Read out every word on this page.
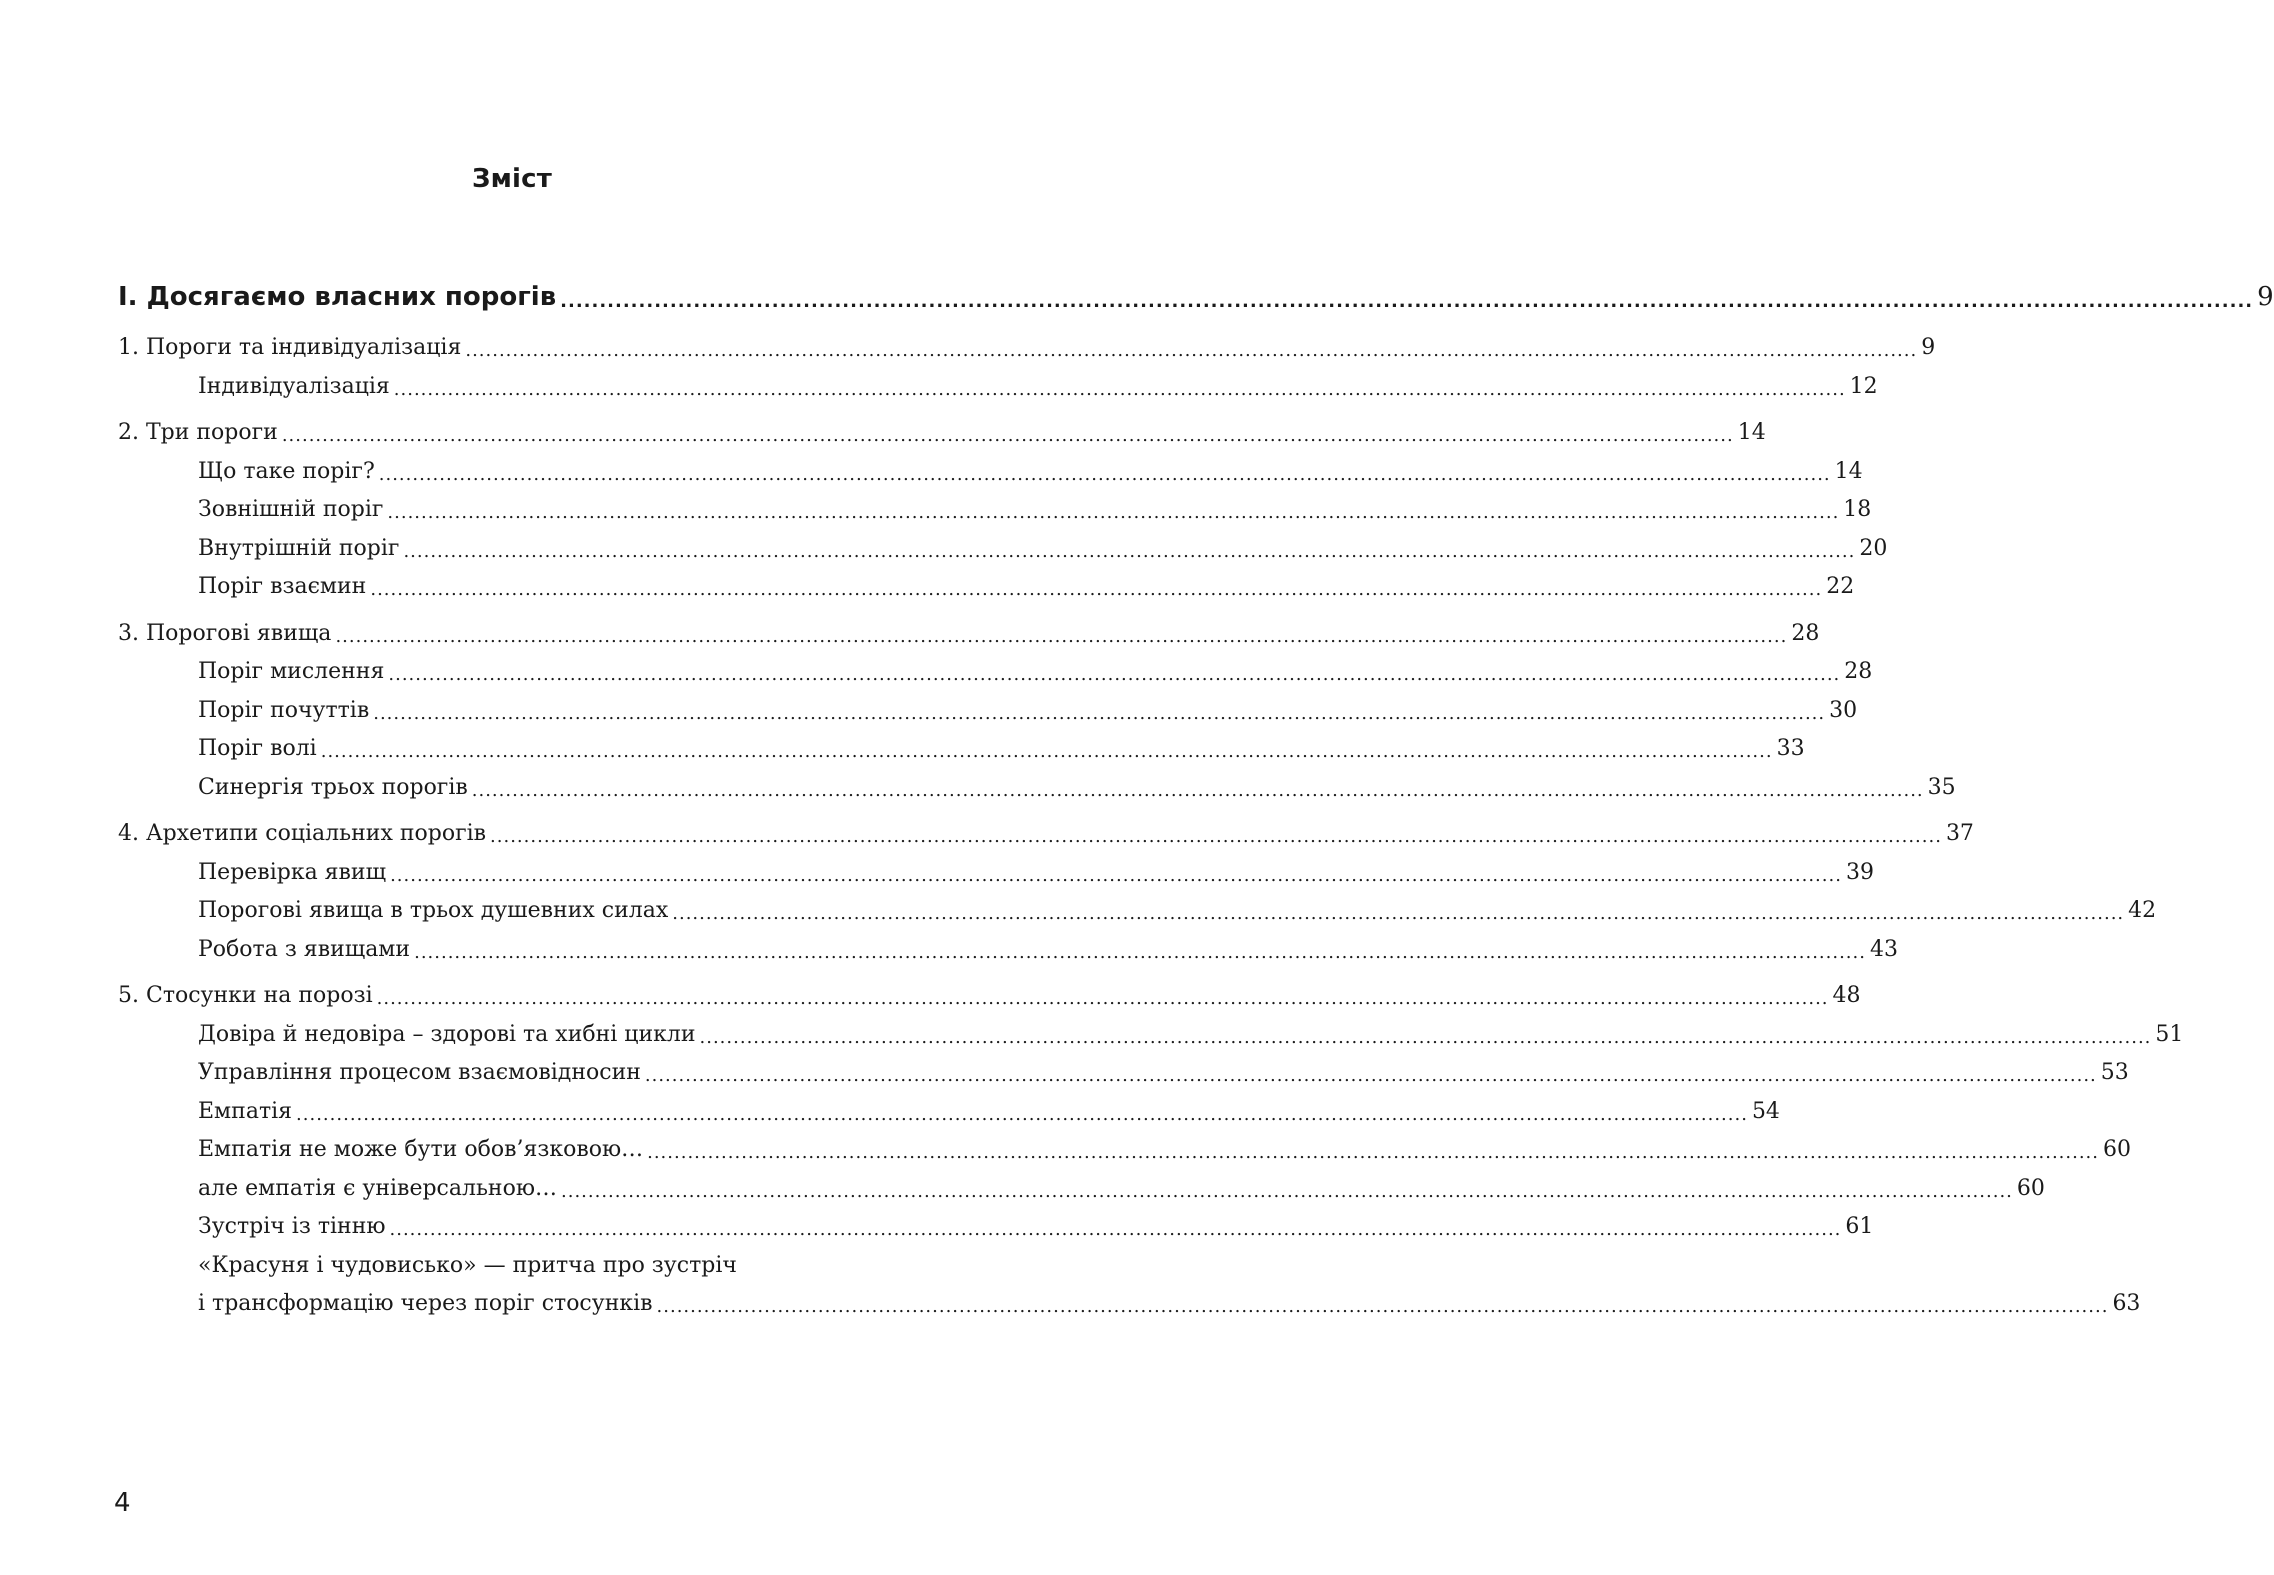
Зміст
І. Досягаємо власних порогів .....	9
1. Пороги та індивідуалізація .....	9
Індивідуалізація .....	12
2. Три пороги .....	14
Що таке поріг? .....	14
Зовнішній поріг .....	18
Внутрішній поріг .....	20
Поріг взаємин .....	22
3. Порогові явища .....	28
Поріг мислення .....	28
Поріг почуттів .....	30
Поріг волі .....	33
Синергія трьох порогів .....	35
4. Архетипи соціальних порогів .....	37
Перевірка явищ .....	39
Порогові явища в трьох душевних силах .....	42
Робота з явищами .....	43
5. Стосунки на порозі .....	48
Довіра й недовіра – здорові та хибні цикли .....	51
Управління процесом взаємовідносин .....	53
Емпатія .....	54
Емпатія не може бути обов’язковою… .....	60
але емпатія є універсальною… .....	60
Зустріч із тінню .....	61
«Красуня і чудовисько» — притча про зустріч
і трансформацію через поріг стосунків .....	63
4
